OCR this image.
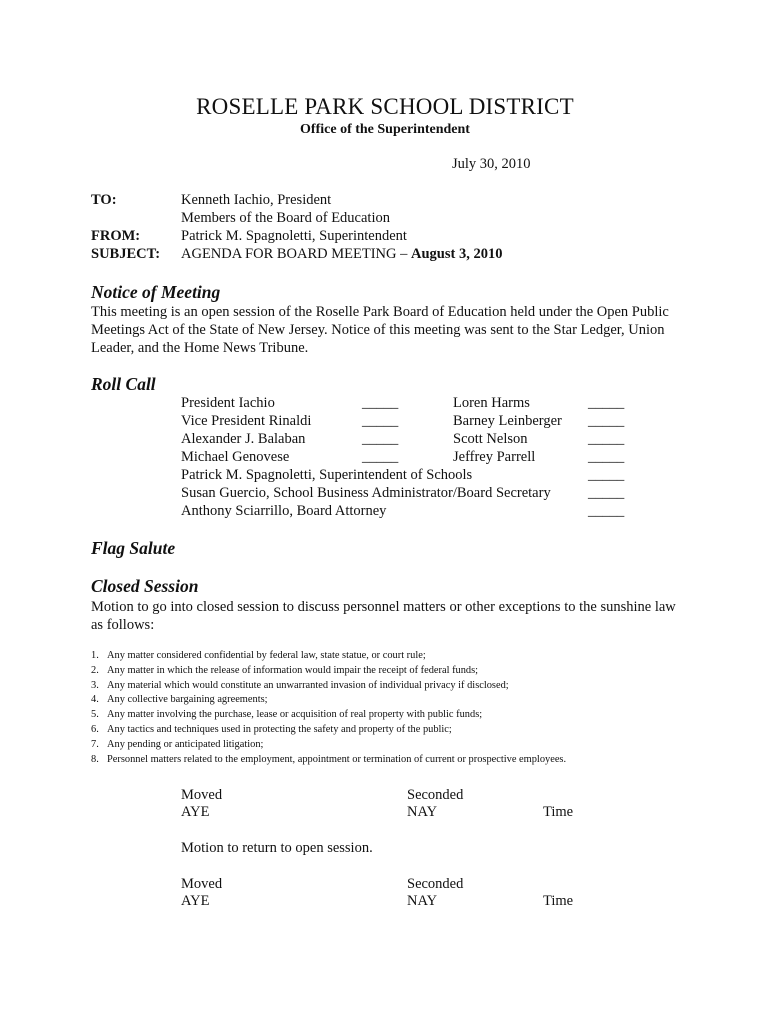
ROSELLE PARK SCHOOL DISTRICT
Office of the Superintendent
July 30, 2010
TO:	Kenneth Iachio, President
Members of the Board of Education
FROM:	Patrick M. Spagnoletti, Superintendent
SUBJECT: AGENDA FOR BOARD MEETING – August 3, 2010
Notice of Meeting
This meeting is an open session of the Roselle Park Board of Education held under the Open Public Meetings Act of the State of New Jersey. Notice of this meeting was sent to the Star Ledger, Union Leader, and the Home News Tribune.
Roll Call
President Iachio	_____	Loren Harms	_____
Vice President Rinaldi	_____	Barney Leinberger _____
Alexander J. Balaban	_____	Scott Nelson	_____
Michael Genovese	_____	Jeffrey Parrell	_____
Patrick M. Spagnoletti, Superintendent of Schools	_____
Susan Guercio, School Business Administrator/Board Secretary	_____
Anthony Sciarrillo, Board Attorney	_____
Flag Salute
Closed Session
Motion to go into closed session to discuss personnel matters or other exceptions to the sunshine law as follows:
1. Any matter considered confidential by federal law, state statue, or court rule;
2. Any matter in which the release of information would impair the receipt of federal funds;
3. Any material which would constitute an unwarranted invasion of individual privacy if disclosed;
4. Any collective bargaining agreements;
5. Any matter involving the purchase, lease or acquisition of real property with public funds;
6. Any tactics and techniques used in protecting the safety and property of the public;
7. Any pending or anticipated litigation;
8. Personnel matters related to the employment, appointment or termination of current or prospective employees.
Moved	Seconded
AYE	NAY	Time
Motion to return to open session.
Moved	Seconded
AYE	NAY	Time
